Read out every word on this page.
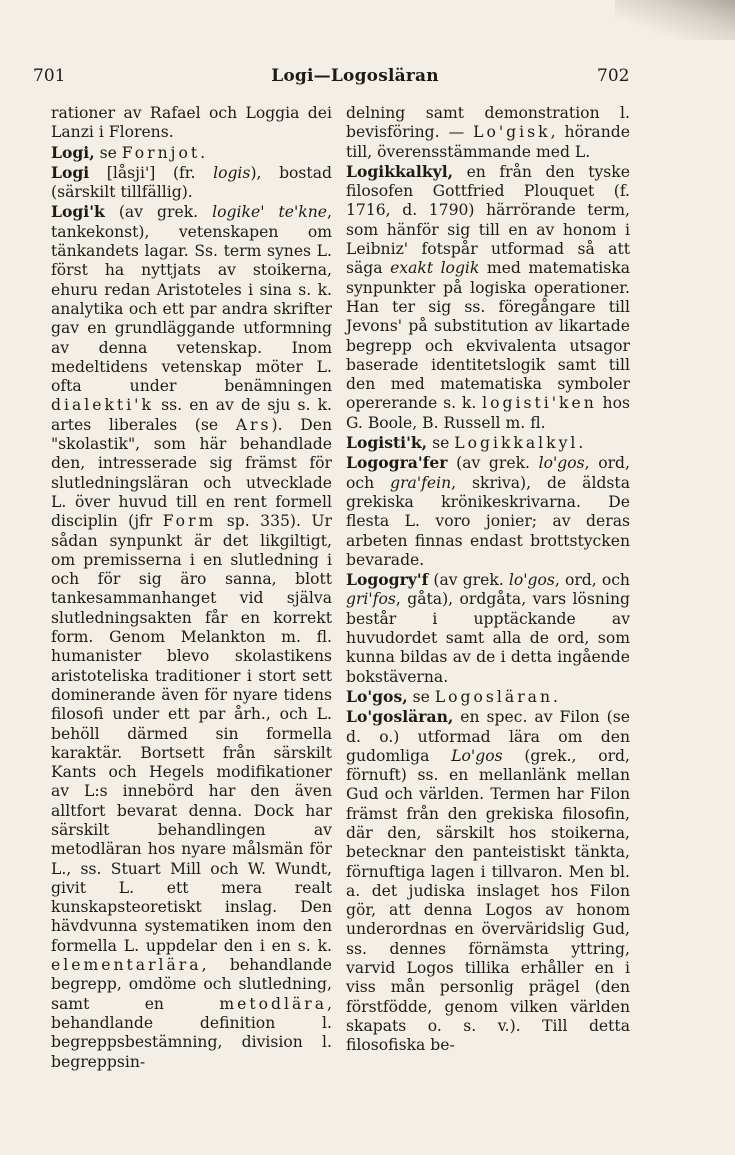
701	Logi—Logosläran	702

rationer av Rafael och Loggia dei Lanzi i Florens.

Logi, se Fornjot.

Logi [låsji'] (fr. logis), bostad (särskilt tillfällig).

Logi'k (av grek. logike' te'kne, tankekonst), vetenskapen om tänkandets lagar. Ss. term synes L. först ha nyttjats av stoikerna, ehuru redan Aristoteles i sina s. k. analytika och ett par andra skrifter gav en grundläggande utformning av denna vetenskap. Inom medeltidens vetenskap möter L. ofta under benämningen dialekti'k ss. en av de sju s. k. artes liberales (se Ars). Den "skolastik", som här behandlade den, intresserade sig främst för slutledningsläran och utvecklade L. över huvud till en rent formell disciplin (jfr Form sp. 335). Ur sådan synpunkt är det likgiltigt, om premisserna i en slutledning i och för sig äro sanna, blott tankesammanhanget vid själva slutledningsakten får en korrekt form. Genom Melankton m. fl. humanister blevo skolastikens aristoteliska traditioner i stort sett dominerande även för nyare tidens filosofi under ett par årh., och L. behöll därmed sin formella karaktär. Bortsett från särskilt Kants och Hegels modifikationer av L:s innebörd har den även alltfort bevarat denna. Dock har särskilt behandlingen av metodläran hos nyare målsmän för L., ss. Stuart Mill och W. Wundt, givit L. ett mera realt kunskapsteoretiskt inslag. Den hävdvunna systematiken inom den formella L. uppdelar den i en s. k. elementarlära, behandlande begrepp, omdöme och slutledning, samt en metodlära, behandlande definition l. begreppsbestämning, division l. begreppsin-

delning samt demonstration l. bevisföring. — Lo'gisk, hörande till, överensstämmande med L.

Logikkalkyl, en från den tyske filosofen Gottfried Plouquet (f. 1716, d. 1790) härrörande term, som hänför sig till en av honom i Leibniz' fotspår utformad så att säga exakt logik med matematiska synpunkter på logiska operationer. Han ter sig ss. föregångare till Jevons' på substitution av likartade begrepp och ekvivalenta utsagor baserade identitetslogik samt till den med matematiska symboler opererande s. k. logisti'ken hos G. Boole, B. Russell m. fl.

Logisti'k, se Logikkalkyl.

Logogra'fer (av grek. lo'gos, ord, och gra'fein, skriva), de äldsta grekiska krönikeskrivarna. De flesta L. voro jonier; av deras arbeten finnas endast brottstycken bevarade.

Logogry'f (av grek. lo'gos, ord, och gri'fos, gåta), ordgåta, vars lösning består i upptäckande av huvudordet samt alla de ord, som kunna bildas av de i detta ingående bokstäverna.

Lo'gos, se Logosläran.

Lo'gosläran, en spec. av Filon (se d. o.) utformad lära om den gudomliga Lo'gos (grek., ord, förnuft) ss. en mellanlänk mellan Gud och världen. Termen har Filon främst från den grekiska filosofin, där den, särskilt hos stoikerna, betecknar den panteistiskt tänkta, förnuftiga lagen i tillvaron. Men bl. a. det judiska inslaget hos Filon gör, att denna Logos av honom underordnas en överväridslig Gud, ss. dennes förnämsta yttring, varvid Logos tillika erhåller en i viss mån personlig prägel (den förstfödde, genom vilken världen skapats o. s. v.). Till detta filosofiska be-
